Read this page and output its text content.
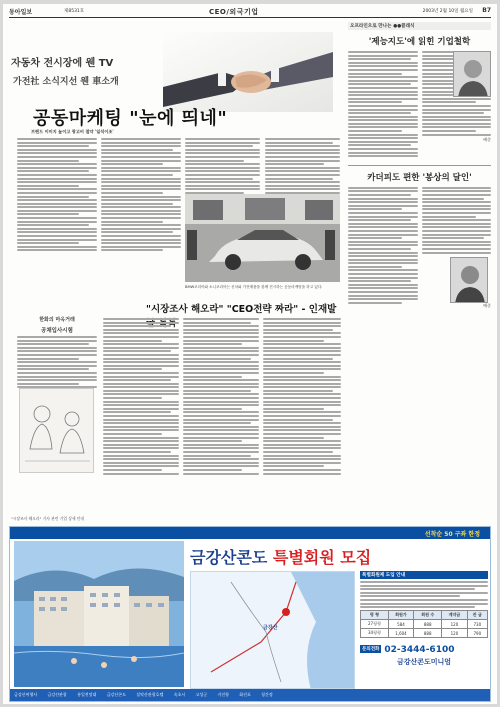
동아일보	제8531호	CEO/외국기업	2003년 2월 10일 월요일 B7
자동차 전시장에 웬 TV
가전社 소식지선 웬 車소개
공동마케팅 "눈에 띄네"
브랜드 이미지 높이고 광고비 절약 '일석이조'
BMW코리아와 소니코리아는 신차와 가전제품을 함께 전시하는 공동마케팅을 하고 있다.
오프라인으로 만나는 ●●클래식
'제능지도'에 읽힌 기업철학
배준
카더피도 편한 '봉상의 달인'
배준
"시장조사 해오라" "CEO전략 짜라" - 인재발
한화의 마옥거래
공채입사시험
"시장조사 해오라" 기사 관련 기업 상세 안내
선착순 50 구좌 한정
금강산콘도 특별회원 모집
금강산
특별회원제 도입 안내
평 형	회원가	회원 수	계약금	잔 금
27평형	584	888	120	730
34평형	1,604	888	120	790
문의전화 02-3444-6100
금강산콘도미니엄
금강산여행사	금강산관광	통일전망대	금강산콘도	설악산관광호텔	속초시	고성군	거진항	화진포	청간정
